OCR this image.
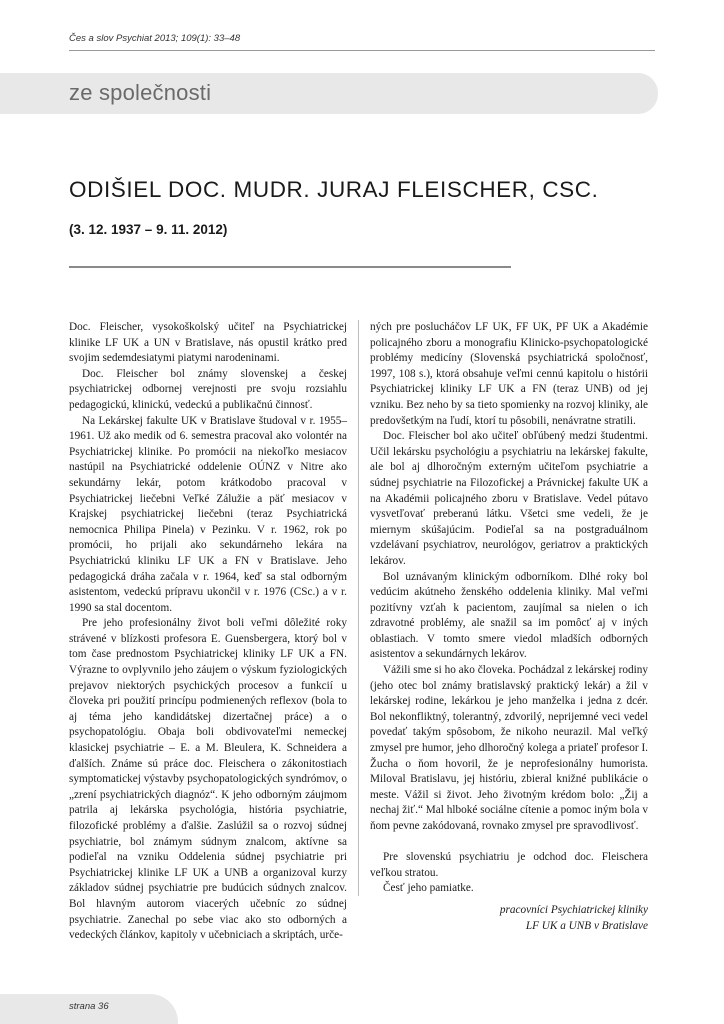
Čes a slov Psychiat 2013; 109(1): 33–48
ze společnosti
ODIŠIEL DOC. MUDR. JURAJ FLEISCHER, CSC.
(3. 12. 1937 – 9. 11. 2012)

Doc. Fleischer, vysokoškolský učiteľ na Psychiatrickej klinike LF UK a UN v Bratislave, nás opustil krátko pred svojim sedemdesiatymi piatymi narodeninami.

Doc. Fleischer bol známy slovenskej a českej psychiatrickej odbornej verejnosti pre svoju rozsiahlu pedagogickú, klinickú, vedeckú a publikačnú činnosť.

Na Lekárskej fakulte UK v Bratislave študoval v r. 1955–1961. Už ako medik od 6. semestra pracoval ako volontér na Psychiatrickej klinike. Po promócii na niekoľko mesiacov nastúpil na Psychiatrické oddelenie OÚNZ v Nitre ako sekundárny lekár, potom krátkodobo pracoval v Psychiatrickej liečebni Veľké Zálužie a päť mesiacov v Krajskej psychiatrickej liečebni (teraz Psychiatrická nemocnica Philipa Pinela) v Pezinku. V r. 1962, rok po promócii, ho prijali ako sekundárneho lekára na Psychiatrickú kliniku LF UK a FN v Bratislave. Jeho pedagogická dráha začala v r. 1964, keď sa stal odborným asistentom, vedeckú prípravu ukončil v r. 1976 (CSc.) a v r. 1990 sa stal docentom.

Pre jeho profesionálny život boli veľmi dôležité roky strávené v blízkosti profesora E. Guensbergera, ktorý bol v tom čase prednostom Psychiatrickej kliniky LF UK a FN. Výrazne to ovplyvnilo jeho záujem o výskum fyziologických prejavov niektorých psychických procesov a funkcií u človeka pri použití princípu podmienených reflexov (bola to aj téma jeho kandidátskej dizertačnej práce) a o psychopatológiu. Obaja boli obdivovateľmi nemeckej klasickej psychiatrie – E. a M. Bleulera, K. Schneidera a ďalších. Známe sú práce doc. Fleischera o zákonitostiach symptomatickej výstavby psychopatologických syndrómov, o „zrení psychiatrických diagnóz“. K jeho odborným záujmom patrila aj lekárska psychológia, história psychiatrie, filozofické problémy a ďalšie. Zaslúžil sa o rozvoj súdnej psychiatrie, bol známym súdnym znalcom, aktívne sa podieľal na vzniku Oddelenia súdnej psychiatrie pri Psychiatrickej klinike LF UK a UNB a organizoval kurzy základov súdnej psychiatrie pre budúcich súdnych znalcov. Bol hlavným autorom viacerých učebníc zo súdnej psychiatrie. Zanechal po sebe viac ako sto odborných a vedeckých článkov, kapitoly v učebniciach a skriptách, urče-

ných pre poslucháčov LF UK, FF UK, PF UK a Akadémie policajného zboru a monografiu Klinicko-psychopatologické problémy medicíny (Slovenská psychiatrická spoločnosť, 1997, 108 s.), ktorá obsahuje veľmi cennú kapitolu o histórii Psychiatrickej kliniky LF UK a FN (teraz UNB) od jej vzniku. Bez neho by sa tieto spomienky na rozvoj kliniky, ale predovšetkým na ľudí, ktorí tu pôsobili, nenávratne stratili.

Doc. Fleischer bol ako učiteľ obľúbený medzi študentmi. Učil lekársku psychológiu a psychiatriu na lekárskej fakulte, ale bol aj dlhoročným externým učiteľom psychiatrie a súdnej psychiatrie na Filozofickej a Právnickej fakulte UK a na Akadémii policajného zboru v Bratislave. Vedel pútavo vysvetľovať preberanú látku. Všetci sme vedeli, že je miernym skúšajúcim. Podieľal sa na postgraduálnom vzdelávaní psychiatrov, neurológov, geriatrov a praktických lekárov.

Bol uznávaným klinickým odborníkom. Dlhé roky bol vedúcim akútneho ženského oddelenia kliniky. Mal veľmi pozitívny vzťah k pacientom, zaujímal sa nielen o ich zdravotné problémy, ale snažil sa im pomôcť aj v iných oblastiach. V tomto smere viedol mladších odborných asistentov a sekundárnych lekárov.

Vážili sme si ho ako človeka. Pochádzal z lekárskej rodiny (jeho otec bol známy bratislavský praktický lekár) a žil v lekárskej rodine, lekárkou je jeho manželka i jedna z dcér. Bol nekonfliktný, tolerantný, zdvorilý, neprijemné veci vedel povedať takým spôsobom, že nikoho neurazil. Mal veľký zmysel pre humor, jeho dlhoročný kolega a priateľ profesor I. Žucha o ňom hovoril, že je neprofesionálny humorista. Miloval Bratislavu, jej históriu, zbieral knižné publikácie o meste. Vážil si život. Jeho životným krédom bolo: „Žij a nechaj žiť.“ Mal hlboké sociálne cítenie a pomoc iným bola v ňom pevne zakódovaná, rovnako zmysel pre spravodlivosť.

Pre slovenskú psychiatriu je odchod doc. Fleischera veľkou stratou.

Česť jeho pamiatke.

pracovníci Psychiatrickej kliniky
LF UK a UNB v Bratislave
strana 36
